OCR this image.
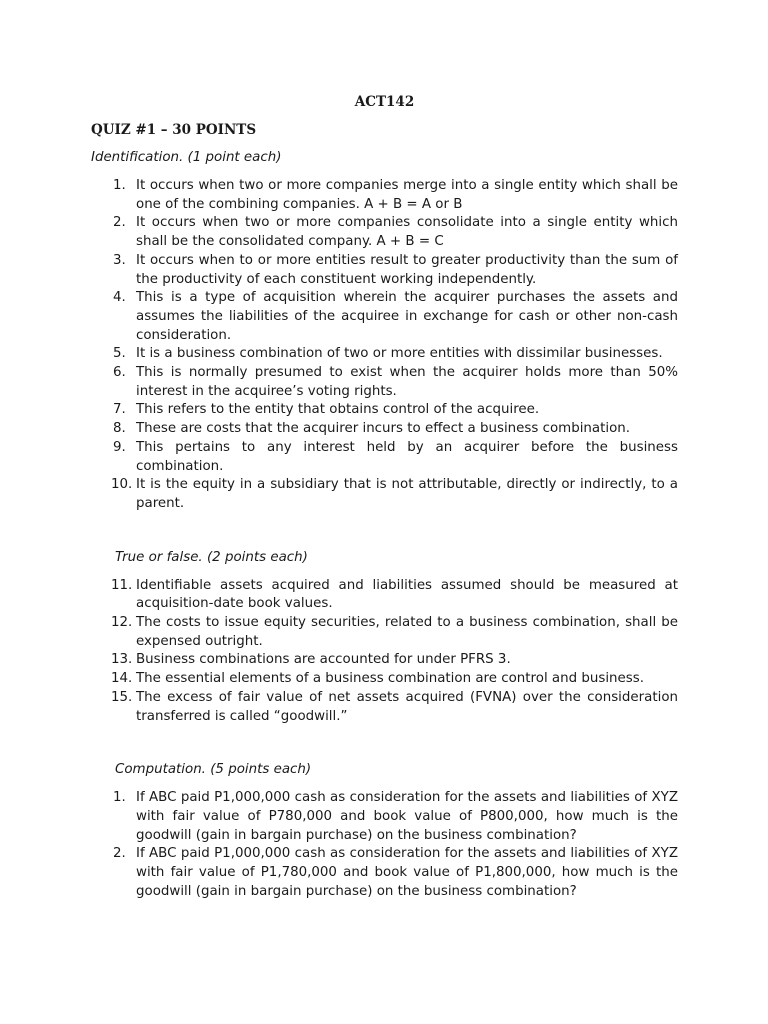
ACT142
QUIZ #1 – 30 POINTS
Identification. (1 point each)
1. It occurs when two or more companies merge into a single entity which shall be one of the combining companies. A + B = A or B
2. It occurs when two or more companies consolidate into a single entity which shall be the consolidated company. A + B = C
3. It occurs when to or more entities result to greater productivity than the sum of the productivity of each constituent working independently.
4. This is a type of acquisition wherein the acquirer purchases the assets and assumes the liabilities of the acquiree in exchange for cash or other non-cash consideration.
5. It is a business combination of two or more entities with dissimilar businesses.
6. This is normally presumed to exist when the acquirer holds more than 50% interest in the acquiree’s voting rights.
7. This refers to the entity that obtains control of the acquiree.
8. These are costs that the acquirer incurs to effect a business combination.
9. This pertains to any interest held by an acquirer before the business combination.
10. It is the equity in a subsidiary that is not attributable, directly or indirectly, to a parent.
True or false. (2 points each)
11. Identifiable assets acquired and liabilities assumed should be measured at acquisition-date book values.
12. The costs to issue equity securities, related to a business combination, shall be expensed outright.
13. Business combinations are accounted for under PFRS 3.
14. The essential elements of a business combination are control and business.
15. The excess of fair value of net assets acquired (FVNA) over the consideration transferred is called “goodwill.”
Computation. (5 points each)
1. If ABC paid P1,000,000 cash as consideration for the assets and liabilities of XYZ with fair value of P780,000 and book value of P800,000, how much is the goodwill (gain in bargain purchase) on the business combination?
2. If ABC paid P1,000,000 cash as consideration for the assets and liabilities of XYZ with fair value of P1,780,000 and book value of P1,800,000, how much is the goodwill (gain in bargain purchase) on the business combination?
